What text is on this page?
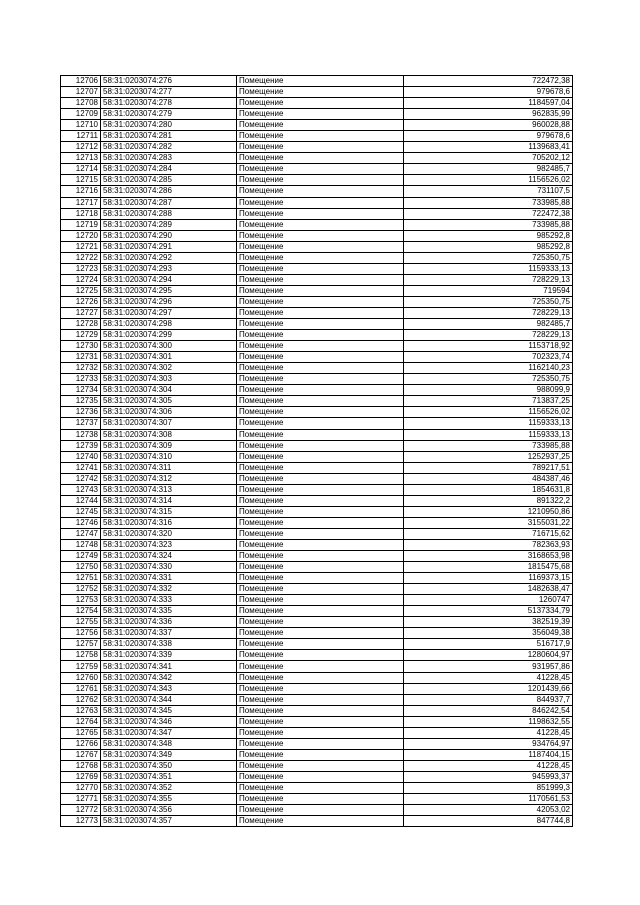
12706	58:31:0203074:276	Помещение	722472,38
12707	58:31:0203074:277	Помещение	979678,6
12708	58:31:0203074:278	Помещение	1184597,04
12709	58:31:0203074:279	Помещение	962835,99
12710	58:31:0203074:280	Помещение	960028,88
12711	58:31:0203074:281	Помещение	979678,6
12712	58:31:0203074:282	Помещение	1139683,41
12713	58:31:0203074:283	Помещение	705202,12
12714	58:31:0203074:284	Помещение	982485,7
12715	58:31:0203074:285	Помещение	1156526,02
12716	58:31:0203074:286	Помещение	731107,5
12717	58:31:0203074:287	Помещение	733985,88
12718	58:31:0203074:288	Помещение	722472,38
12719	58:31:0203074:289	Помещение	733985,88
12720	58:31:0203074:290	Помещение	985292,8
12721	58:31:0203074:291	Помещение	985292,8
12722	58:31:0203074:292	Помещение	725350,75
12723	58:31:0203074:293	Помещение	1159333,13
12724	58:31:0203074:294	Помещение	728229,13
12725	58:31:0203074:295	Помещение	719594
12726	58:31:0203074:296	Помещение	725350,75
12727	58:31:0203074:297	Помещение	728229,13
12728	58:31:0203074:298	Помещение	982485,7
12729	58:31:0203074:299	Помещение	728229,13
12730	58:31:0203074:300	Помещение	1153718,92
12731	58:31:0203074:301	Помещение	702323,74
12732	58:31:0203074:302	Помещение	1162140,23
12733	58:31:0203074:303	Помещение	725350,75
12734	58:31:0203074:304	Помещение	988099,9
12735	58:31:0203074:305	Помещение	713837,25
12736	58:31:0203074:306	Помещение	1156526,02
12737	58:31:0203074:307	Помещение	1159333,13
12738	58:31:0203074:308	Помещение	1159333,13
12739	58:31:0203074:309	Помещение	733985,88
12740	58:31:0203074:310	Помещение	1252937,25
12741	58:31:0203074:311	Помещение	789217,51
12742	58:31:0203074:312	Помещение	484387,46
12743	58:31:0203074:313	Помещение	1854631,8
12744	58:31:0203074:314	Помещение	891322,2
12745	58:31:0203074:315	Помещение	1210950,86
12746	58:31:0203074:316	Помещение	3155031,22
12747	58:31:0203074:320	Помещение	716715,62
12748	58:31:0203074:323	Помещение	782363,93
12749	58:31:0203074:324	Помещение	3168653,98
12750	58:31:0203074:330	Помещение	1815475,68
12751	58:31:0203074:331	Помещение	1169373,15
12752	58:31:0203074:332	Помещение	1482638,47
12753	58:31:0203074:333	Помещение	1260747
12754	58:31:0203074:335	Помещение	5137334,79
12755	58:31:0203074:336	Помещение	382519,39
12756	58:31:0203074:337	Помещение	356049,38
12757	58:31:0203074:338	Помещение	516717,9
12758	58:31:0203074:339	Помещение	1280604,97
12759	58:31:0203074:341	Помещение	931957,86
12760	58:31:0203074:342	Помещение	41228,45
12761	58:31:0203074:343	Помещение	1201439,66
12762	58:31:0203074:344	Помещение	844937,7
12763	58:31:0203074:345	Помещение	846242,54
12764	58:31:0203074:346	Помещение	1198632,55
12765	58:31:0203074:347	Помещение	41228,45
12766	58:31:0203074:348	Помещение	934764,97
12767	58:31:0203074:349	Помещение	1187404,15
12768	58:31:0203074:350	Помещение	41228,45
12769	58:31:0203074:351	Помещение	945993,37
12770	58:31:0203074:352	Помещение	851999,3
12771	58:31:0203074:355	Помещение	1170561,53
12772	58:31:0203074:356	Помещение	42053,02
12773	58:31:0203074:357	Помещение	847744,8
